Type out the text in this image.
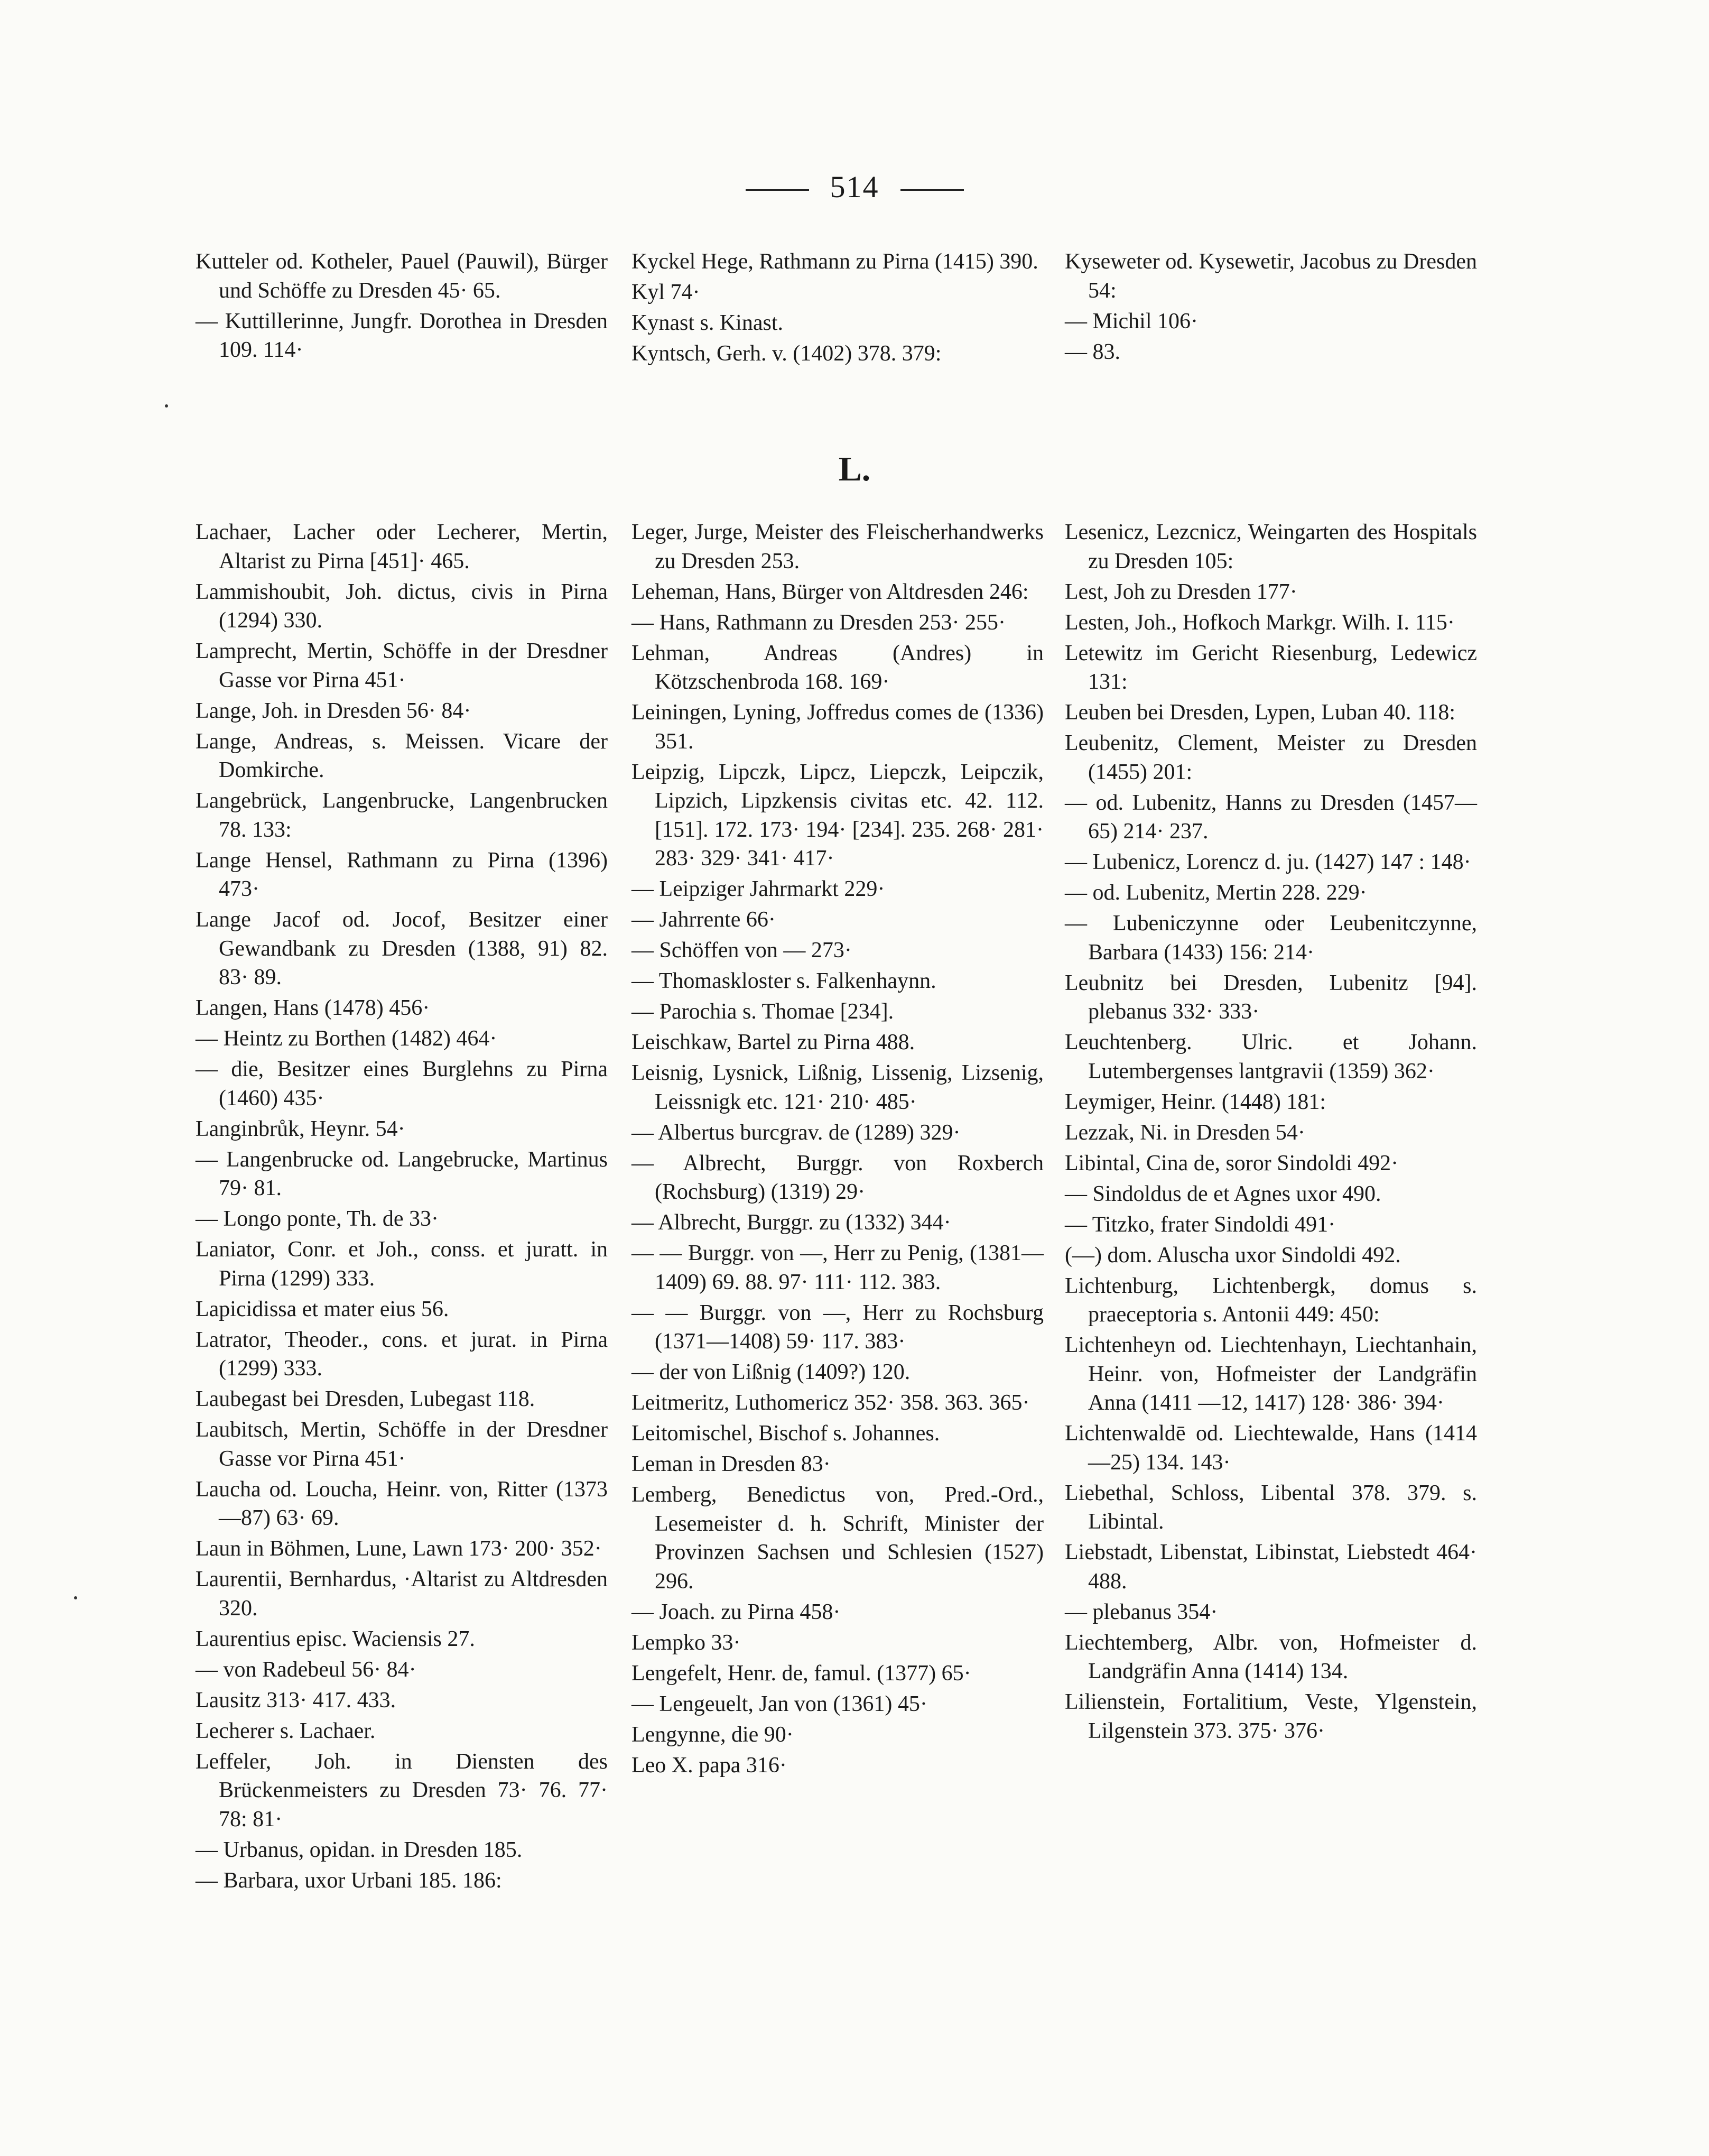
514

Kutteler od. Kotheler, Pauel (Pauwil), Bürger und Schöffe zu Dresden 45· 65.

— Kuttillerinne, Jungfr. Dorothea in Dresden 109. 114·

Kyckel Hege, Rathmann zu Pirna (1415) 390.

Kyl 74·

Kynast s. Kinast.

Kyntsch, Gerh. v. (1402) 378. 379:

Kyseweter od. Kysewetir, Jacobus zu Dresden 54:

— Michil 106·

— 83.

L.

Lachaer, Lacher oder Lecherer, Mertin, Altarist zu Pirna [451]· 465.

Lammishoubit, Joh. dictus, civis in Pirna (1294) 330.

Lamprecht, Mertin, Schöffe in der Dresdner Gasse vor Pirna 451·

Lange, Joh. in Dresden 56· 84·

Lange, Andreas, s. Meissen. Vicare der Domkirche.

Langebrück, Langenbrucke, Langenbrucken 78. 133:

Lange Hensel, Rathmann zu Pirna (1396) 473·

Lange Jacof od. Jocof, Besitzer einer Gewandbank zu Dresden (1388, 91) 82. 83· 89.

Langen, Hans (1478) 456·

— Heintz zu Borthen (1482) 464·

— die, Besitzer eines Burglehns zu Pirna (1460) 435·

Langinbrůk, Heynr. 54·

— Langenbrucke od. Langebrucke, Martinus 79· 81.

— Longo ponte, Th. de 33·

Laniator, Conr. et Joh., conss. et juratt. in Pirna (1299) 333.

Lapicidissa et mater eius 56.

Latrator, Theoder., cons. et jurat. in Pirna (1299) 333.

Laubegast bei Dresden, Lubegast 118.

Laubitsch, Mertin, Schöffe in der Dresdner Gasse vor Pirna 451·

Laucha od. Loucha, Heinr. von, Ritter (1373—87) 63· 69.

Laun in Böhmen, Lune, Lawn 173· 200· 352·

Laurentii, Bernhardus, ·Altarist zu Altdresden 320.

Laurentius episc. Waciensis 27.

— von Radebeul 56· 84·

Lausitz 313· 417. 433.

Lecherer s. Lachaer.

Leffeler, Joh. in Diensten des Brückenmeisters zu Dresden 73· 76. 77· 78: 81·

— Urbanus, opidan. in Dresden 185.

— Barbara, uxor Urbani 185. 186:

Leger, Jurge, Meister des Fleischerhandwerks zu Dresden 253.

Leheman, Hans, Bürger von Altdresden 246:

— Hans, Rathmann zu Dresden 253· 255·

Lehman, Andreas (Andres) in Kötzschenbroda 168. 169·

Leiningen, Lyning, Joffredus comes de (1336) 351.

Leipzig, Lipczk, Lipcz, Liepczk, Leipczik, Lipzich, Lipzkensis civitas etc. 42. 112. [151]. 172. 173· 194· [234]. 235. 268· 281· 283· 329· 341· 417·

— Leipziger Jahrmarkt 229·

— Jahrrente 66·

— Schöffen von — 273·

— Thomaskloster s. Falkenhaynn.

— Parochia s. Thomae [234].

Leischkaw, Bartel zu Pirna 488.

Leisnig, Lysnick, Lißnig, Lissenig, Lizsenig, Leissnigk etc. 121· 210· 485·

— Albertus burcgrav. de (1289) 329·

— Albrecht, Burggr. von Roxberch (Rochsburg) (1319) 29·

— Albrecht, Burggr. zu (1332) 344·

— — Burggr. von —, Herr zu Penig, (1381—1409) 69. 88. 97· 111· 112. 383.

— — Burggr. von —, Herr zu Rochsburg (1371—1408) 59· 117. 383·

— der von Lißnig (1409?) 120.

Leitmeritz, Luthomericz 352· 358. 363. 365·

Leitomischel, Bischof s. Johannes.

Leman in Dresden 83·

Lemberg, Benedictus von, Pred.-Ord., Lesemeister d. h. Schrift, Minister der Provinzen Sachsen und Schlesien (1527) 296.

— Joach. zu Pirna 458·

Lempko 33·

Lengefelt, Henr. de, famul. (1377) 65·

— Lengeuelt, Jan von (1361) 45·

Lengynne, die 90·

Leo X. papa 316·

Lesenicz, Lezcnicz, Weingarten des Hospitals zu Dresden 105:

Lest, Joh zu Dresden 177·

Lesten, Joh., Hofkoch Markgr. Wilh. I. 115·

Letewitz im Gericht Riesenburg, Ledewicz 131:

Leuben bei Dresden, Lypen, Luban 40. 118:

Leubenitz, Clement, Meister zu Dresden (1455) 201:

— od. Lubenitz, Hanns zu Dresden (1457—65) 214· 237.

— Lubenicz, Lorencz d. ju. (1427) 147 : 148·

— od. Lubenitz, Mertin 228. 229·

— Lubeniczynne oder Leubenitczynne, Barbara (1433) 156: 214·

Leubnitz bei Dresden, Lubenitz [94]. plebanus 332· 333·

Leuchtenberg. Ulric. et Johann. Lutembergenses lantgravii (1359) 362·

Leymiger, Heinr. (1448) 181:

Lezzak, Ni. in Dresden 54·

Libintal, Cina de, soror Sindoldi 492·

— Sindoldus de et Agnes uxor 490.

— Titzko, frater Sindoldi 491·

(—) dom. Aluscha uxor Sindoldi 492.

Lichtenburg, Lichtenbergk, domus s. praeceptoria s. Antonii 449: 450:

Lichtenheyn od. Liechtenhayn, Liechtanhain, Heinr. von, Hofmeister der Landgräfin Anna (1411 —12, 1417) 128· 386· 394·

Lichtenwaldē od. Liechtewalde, Hans (1414—25) 134. 143·

Liebethal, Schloss, Libental 378. 379. s. Libintal.

Liebstadt, Libenstat, Libinstat, Liebstedt 464· 488.

— plebanus 354·

Liechtemberg, Albr. von, Hofmeister d. Landgräfin Anna (1414) 134.

Lilienstein, Fortalitium, Veste, Ylgenstein, Lilgenstein 373. 375· 376·
